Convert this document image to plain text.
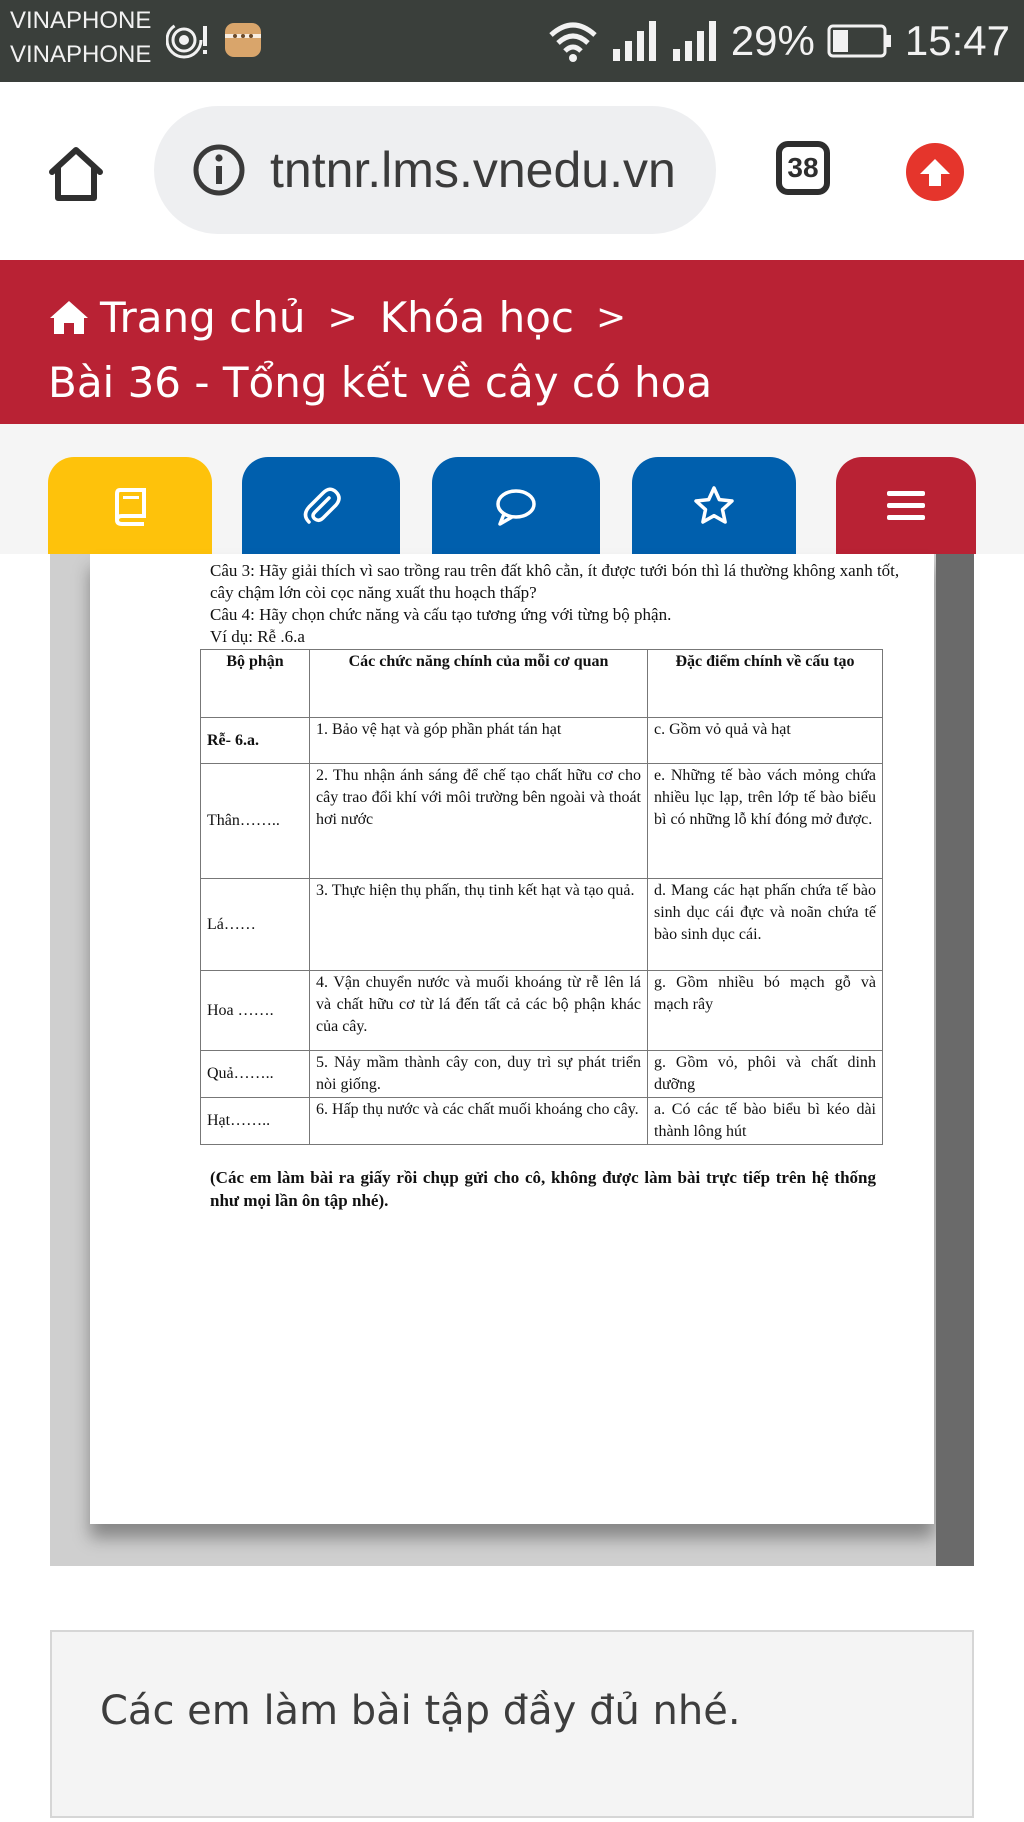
VINAPHONE
VINAPHONE	29% 15:47
tntnr.lms.vnedu.vn	38
Trang chủ > Khóa học >
Bài 36 - Tổng kết về cây có hoa
Câu 3: Hãy giải thích vì sao trồng rau trên đất khô cằn, ít được tưới bón thì lá thường không xanh tốt, cây chậm lớn còi cọc năng xuất thu hoạch thấp?
Câu 4: Hãy chọn chức năng và cấu tạo tương ứng với từng bộ phận.
Ví dụ: Rễ .6.a
Bộ phận	Các chức năng chính của mỗi cơ quan	Đặc điểm chính về cấu tạo
Rễ- 6.a.	1. Bảo vệ hạt và góp phần phát tán hạt	c. Gồm vỏ quả và hạt
Thân……..	2. Thu nhận ánh sáng để chế tạo chất hữu cơ cho cây trao đổi khí với môi trường bên ngoài và thoát hơi nước	e. Những tế bào vách mỏng chứa nhiều lục lạp, trên lớp tế bào biểu bì có những lỗ khí đóng mở được.
Lá……	3. Thực hiện thụ phấn, thụ tinh kết hạt và tạo quả.	d. Mang các hạt phấn chứa tế bào sinh dục cái đực và noãn chứa tế bào sinh dục cái.
Hoa …….	4. Vận chuyển nước và muối khoáng từ rễ lên lá và chất hữu cơ từ lá đến tất cả các bộ phận khác của cây.	g. Gồm nhiều bó mạch gỗ và mạch rây
Quả……..	5. Nảy mầm thành cây con, duy trì sự phát triển nòi giống.	g. Gồm vỏ, phôi và chất dinh dưỡng
Hạt……..	6. Hấp thụ nước và các chất muối khoáng cho cây.	a. Có các tế bào biểu bì kéo dài thành lông hút
(Các em làm bài ra giấy rồi chụp gửi cho cô, không được làm bài trực tiếp trên hệ thống như mọi lần ôn tập nhé).
Các em làm bài tập đầy đủ nhé.
